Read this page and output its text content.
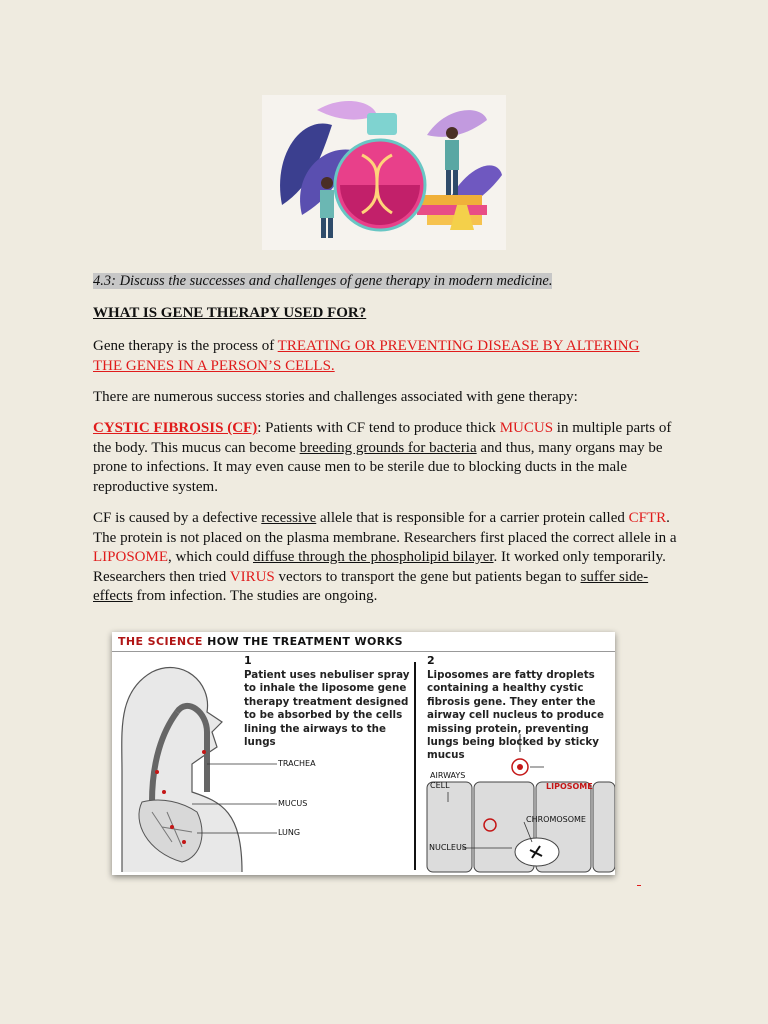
4.3: Discuss the successes and challenges of gene therapy in modern medicine.

WHAT IS GENE THERAPY USED FOR?

Gene therapy is the process of TREATING OR PREVENTING DISEASE BY ALTERING
THE GENES IN A PERSON’S CELLS.

There are numerous success stories and challenges associated with gene therapy:

CYSTIC FIBROSIS (CF): Patients with CF tend to produce thick MUCUS in multiple parts of the body. This mucus can become breeding grounds for bacteria and thus, many organs may be prone to infections. It may even cause men to be sterile due to blocking ducts in the male reproductive system.

CF is caused by a defective recessive allele that is responsible for a carrier protein called CFTR. The protein is not placed on the plasma membrane. Researchers first placed the correct allele in a LIPOSOME, which could diffuse through the phospholipid bilayer. It worked only temporarily. Researchers then tried VIRUS vectors to transport the gene but patients began to suffer side-effects from infection. The studies are ongoing.

THE SCIENCE HOW THE TREATMENT WORKS
1
Patient uses nebuliser spray to inhale the liposome gene therapy treatment designed to be absorbed by the cells lining the airways to the lungs
2
Liposomes are fatty droplets containing a healthy cystic fibrosis gene. They enter the airway cell nucleus to produce missing protein, preventing lungs being blocked by sticky mucus
TRACHEA
MUCUS
LUNG
AIRWAYS CELL	LIPOSOME
CHROMOSOME
NUCLEUS
